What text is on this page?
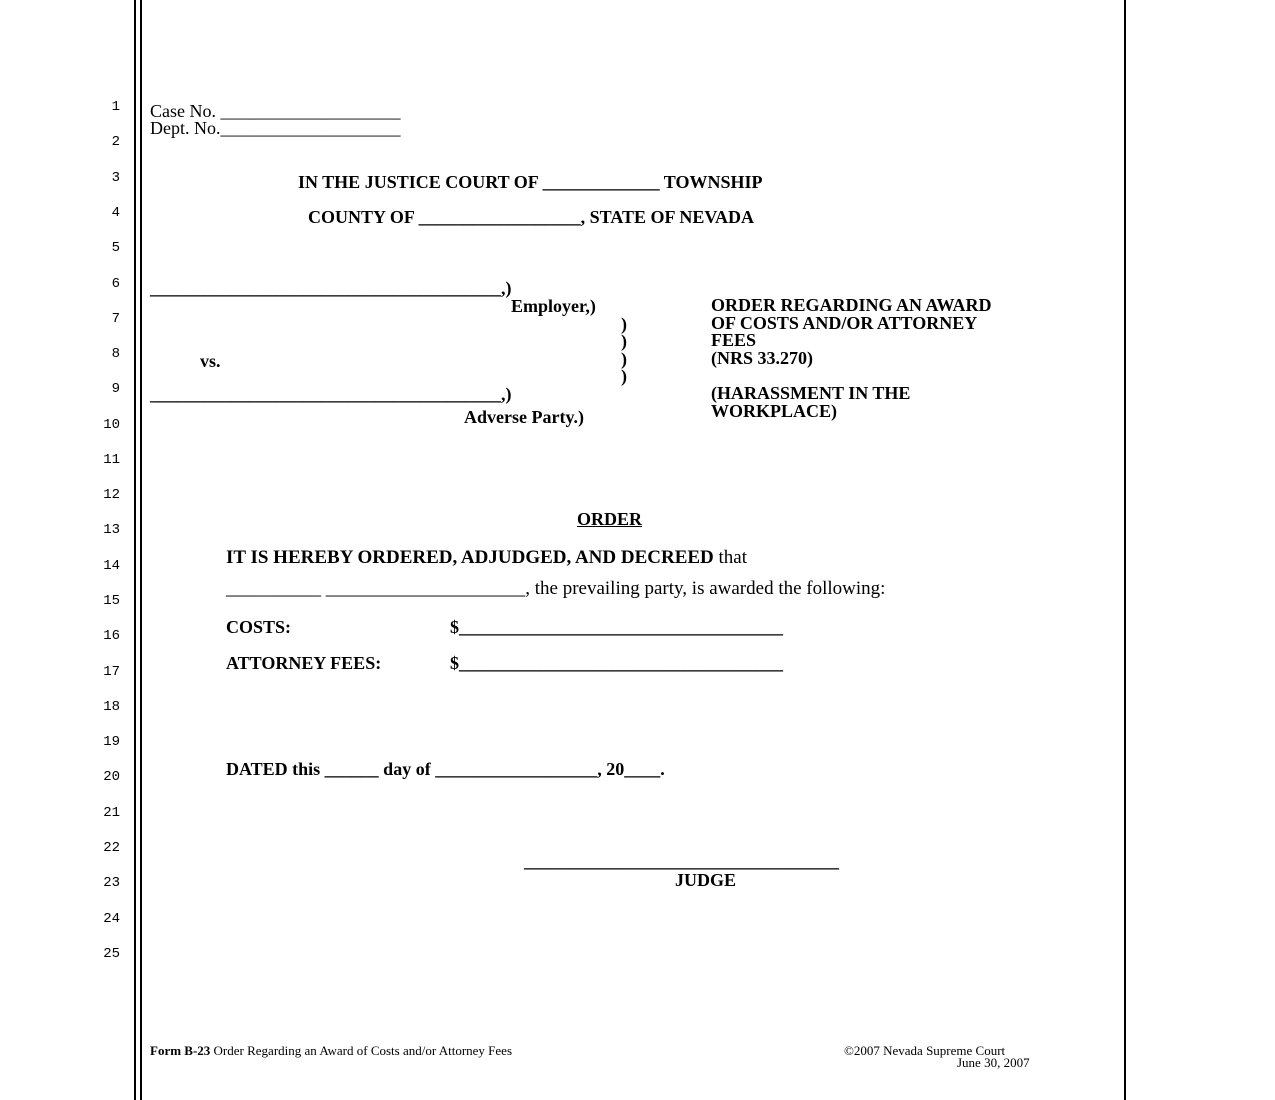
1
2
3
4
5
6
7
8
9
10
11
12
13
14
15
16
17
18
19
20
21
22
23
24
25
Case No. ____________________
Dept. No.____________________
IN THE JUSTICE COURT OF _____________ TOWNSHIP
COUNTY OF __________________, STATE OF NEVADA
_______________________________________,)
Employer,)
)
)
vs.	)
)
_______________________________________,)
Adverse Party.)
ORDER REGARDING AN AWARD
OF COSTS AND/OR ATTORNEY
FEES
(NRS 33.270)
(HARASSMENT IN THE
WORKPLACE)
ORDER
IT IS HEREBY ORDERED, ADJUDGED, AND DECREED that
__________ _____________________, the prevailing party, is awarded the following:
COSTS:	$____________________________________
ATTORNEY FEES:	$____________________________________
DATED this ______ day of __________________, 20____.
___________________________________
JUDGE
Form B-23 Order Regarding an Award of Costs and/or Attorney Fees	©2007 Nevada Supreme Court
June 30, 2007
